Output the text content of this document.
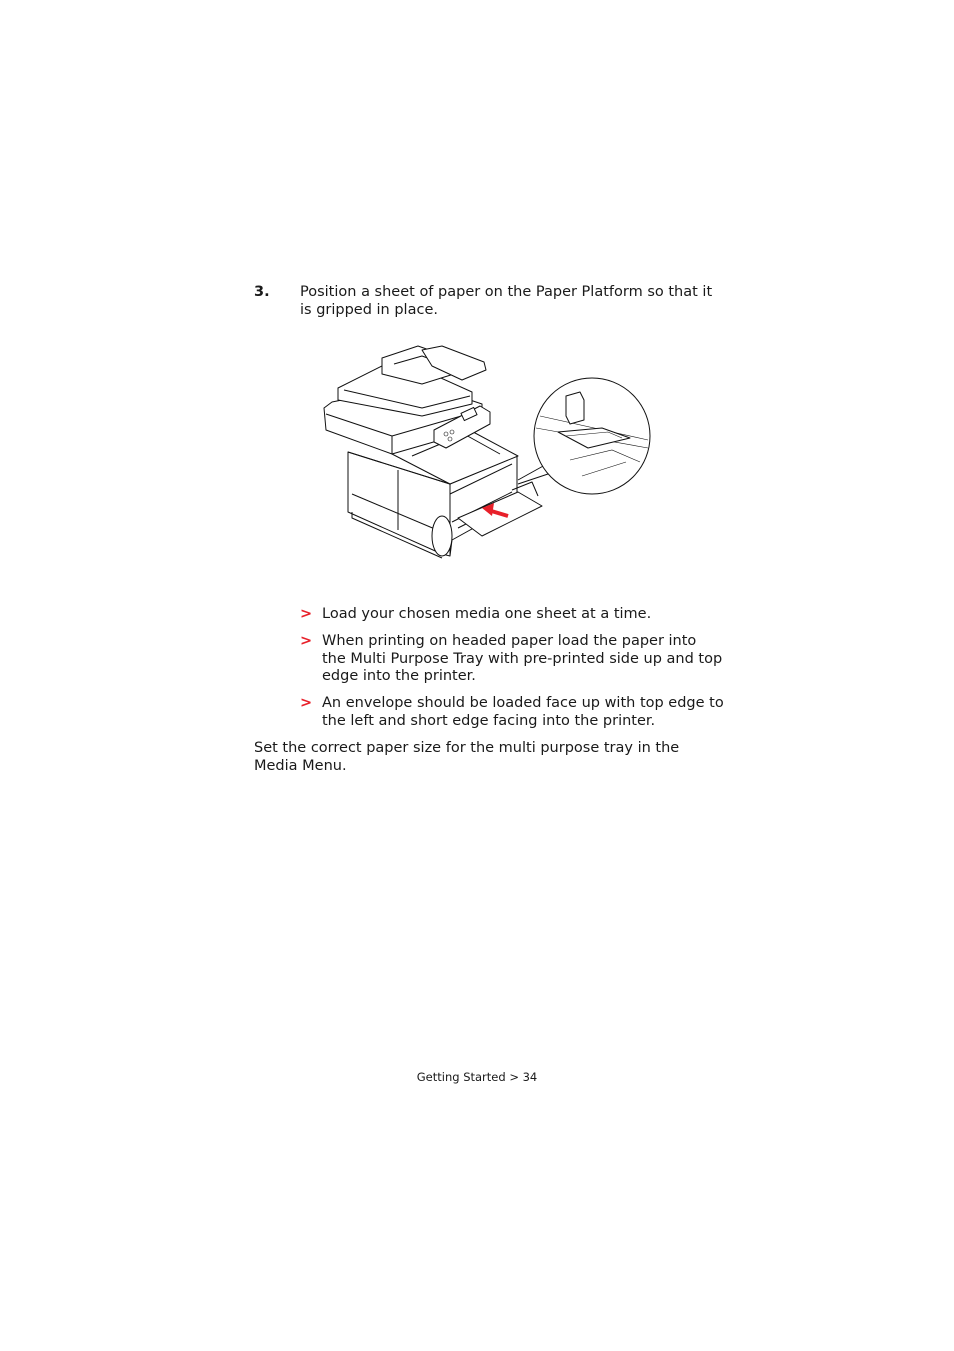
3. Position a sheet of paper on the Paper Platform so that it is gripped in place.
> Load your chosen media one sheet at a time.
> When printing on headed paper load the paper into the Multi Purpose Tray with pre-printed side up and top edge into the printer.
> An envelope should be loaded face up with top edge to the left and short edge facing into the printer.
Set the correct paper size for the multi purpose tray in the Media Menu.
Getting Started > 34
